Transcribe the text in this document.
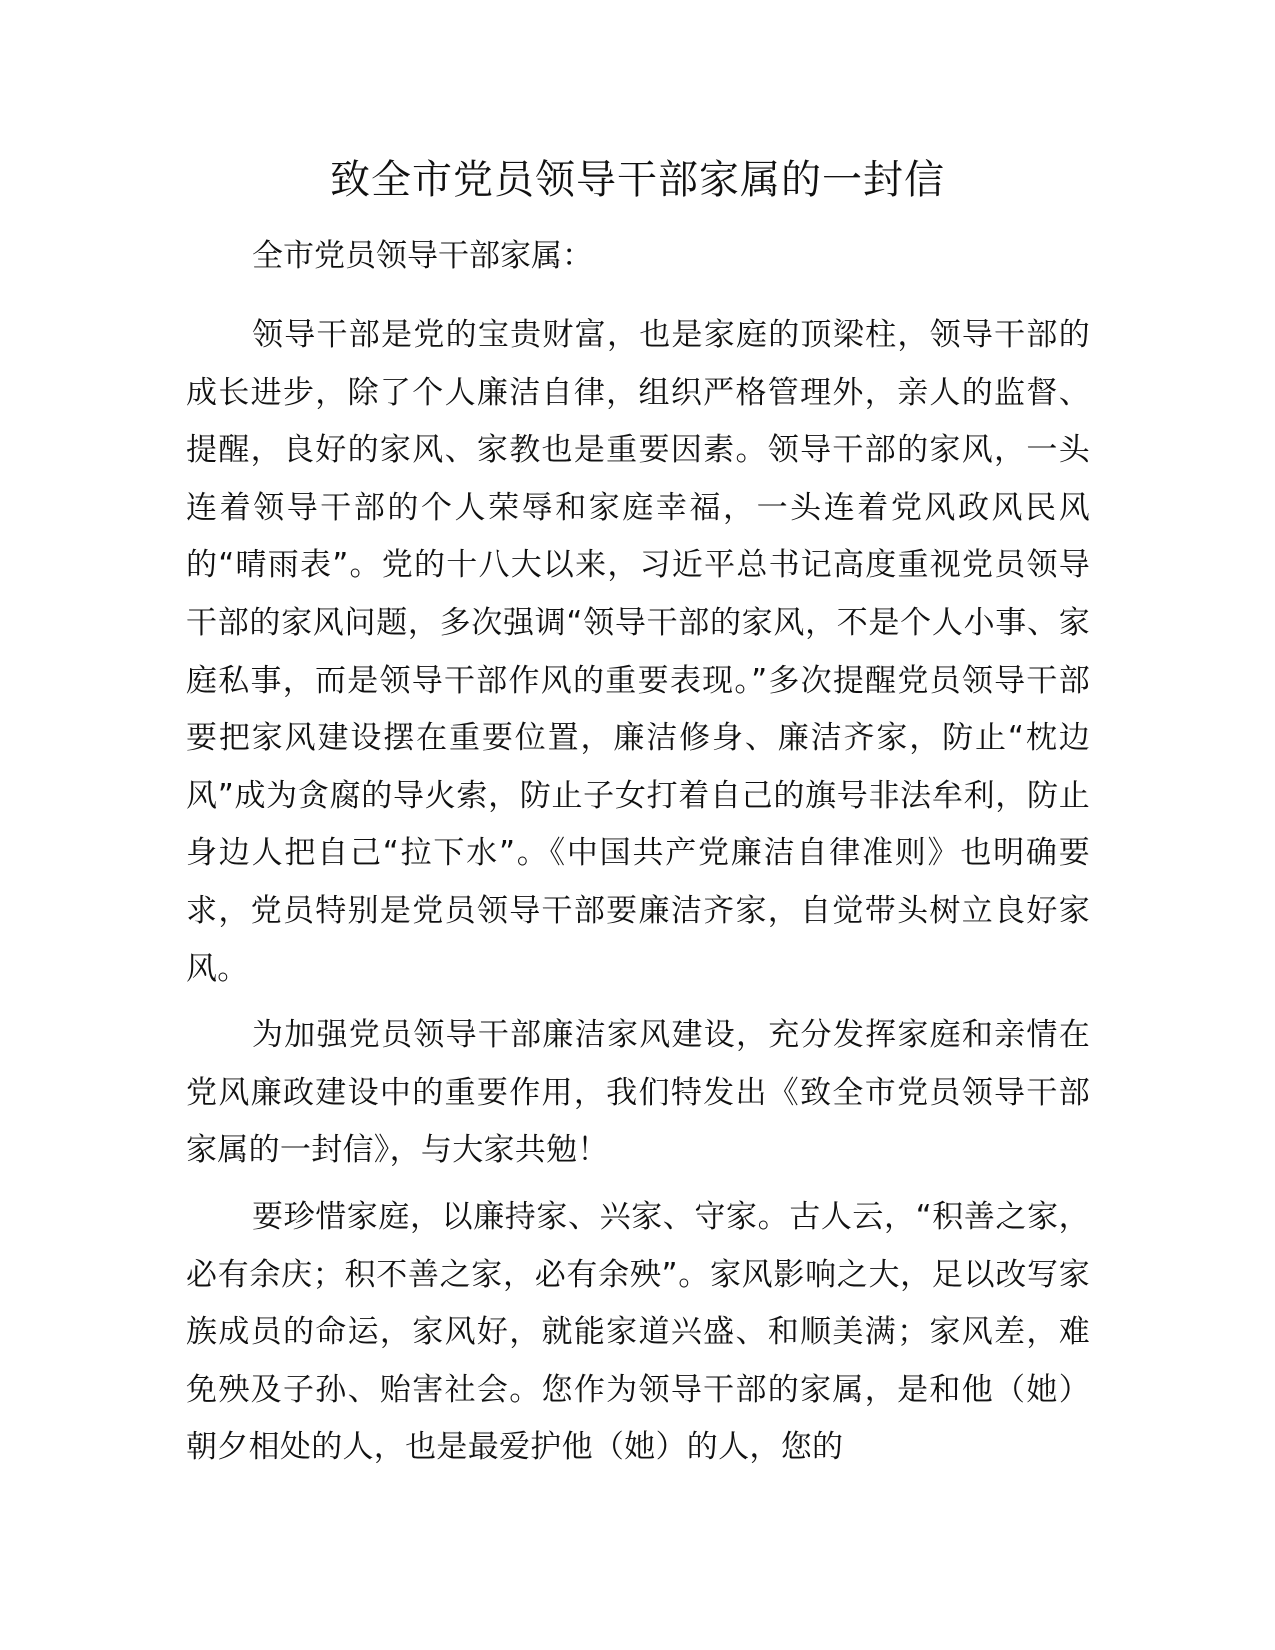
致全市党员领导干部家属的一封信

全市党员领导干部家属：

领导干部是党的宝贵财富，也是家庭的顶梁柱，领导干部的成长进步，除了个人廉洁自律，组织严格管理外，亲人的监督、提醒，良好的家风、家教也是重要因素。领导干部的家风，一头连着领导干部的个人荣辱和家庭幸福，一头连着党风政风民风的“晴雨表”。党的十八大以来，习近平总书记高度重视党员领导干部的家风问题，多次强调“领导干部的家风，不是个人小事、家庭私事，而是领导干部作风的重要表现。”多次提醒党员领导干部要把家风建设摆在重要位置，廉洁修身、廉洁齐家，防止“枕边风”成为贪腐的导火索，防止子女打着自己的旗号非法牟利，防止身边人把自己“拉下水”。《中国共产党廉洁自律准则》也明确要求，党员特别是党员领导干部要廉洁齐家，自觉带头树立良好家风。

为加强党员领导干部廉洁家风建设，充分发挥家庭和亲情在党风廉政建设中的重要作用，我们特发出《致全市党员领导干部家属的一封信》，与大家共勉！

要珍惜家庭，以廉持家、兴家、守家。古人云，“积善之家，必有余庆；积不善之家，必有余殃”。家风影响之大，足以改写家族成员的命运，家风好，就能家道兴盛、和顺美满；家风差，难免殃及子孙、贻害社会。您作为领导干部的家属，是和他（她）朝夕相处的人，也是最爱护他（她）的人，您的
